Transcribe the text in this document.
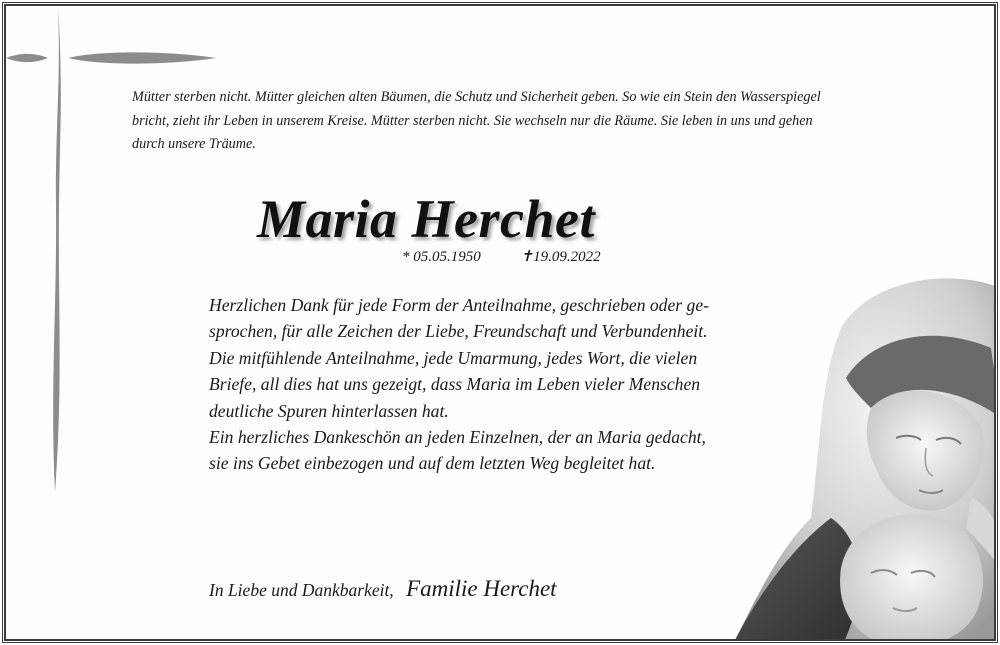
Mütter sterben nicht. Mütter gleichen alten Bäumen, die Schutz und Sicherheit geben. So wie ein Stein den Wasserspiegel
bricht, zieht ihr Leben in unserem Kreise. Mütter sterben nicht. Sie wechseln nur die Räume. Sie leben in uns und gehen
durch unsere Träume.
Maria Herchet
* 05.05.1950	✝19.09.2022

Herzlichen Dank für jede Form der Anteilnahme, geschrieben oder ge-

sprochen, für alle Zeichen der Liebe, Freundschaft und Verbundenheit.

Die mitfühlende Anteilnahme, jede Umarmung, jedes Wort, die vielen

Briefe, all dies hat uns gezeigt, dass Maria im Leben vieler Menschen

deutliche Spuren hinterlassen hat.

Ein herzliches Dankeschön an jeden Einzelnen, der an Maria gedacht,

sie ins Gebet einbezogen und auf dem letzten Weg begleitet hat.

In Liebe und Dankbarkeit, Familie Herchet
